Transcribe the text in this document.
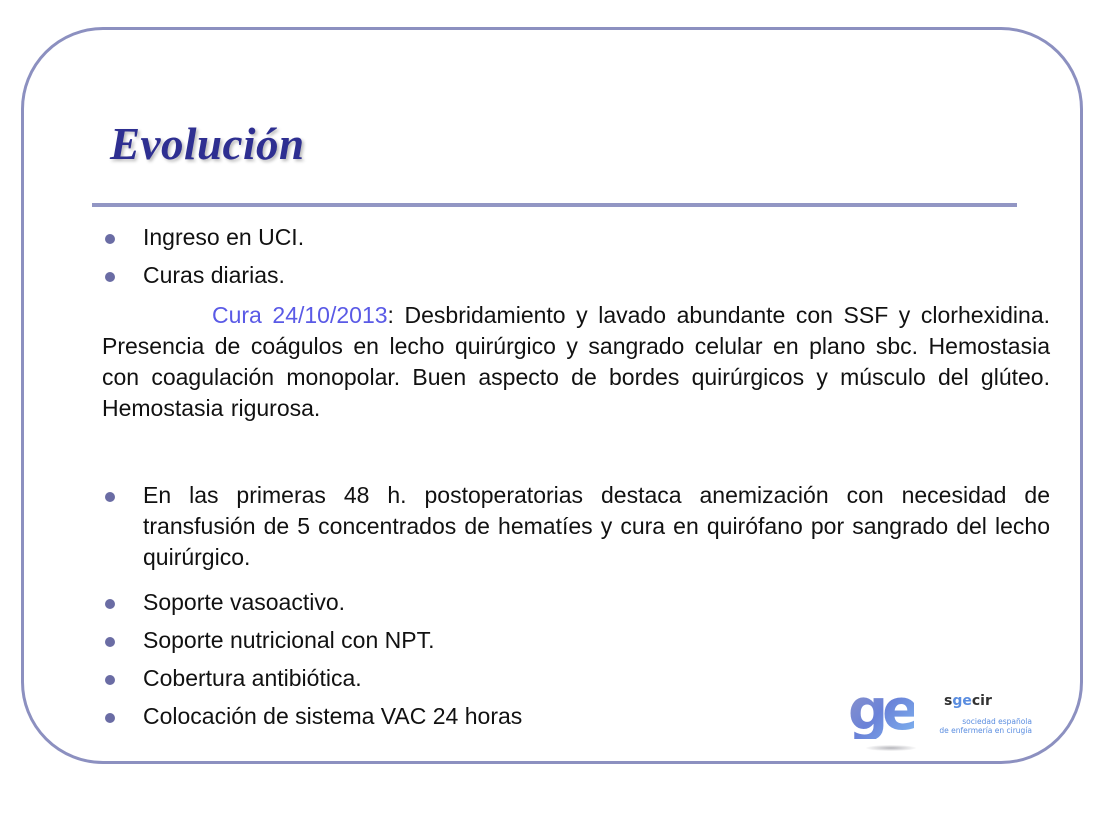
Evolución
Ingreso en UCI.
Curas diarias.
Cura 24/10/2013: Desbridamiento y lavado abundante con SSF y clorhexidina. Presencia de coágulos en lecho quirúrgico y sangrado celular en plano sbc. Hemostasia con coagulación monopolar. Buen aspecto de bordes quirúrgicos y músculo del glúteo. Hemostasia rigurosa.
En las primeras 48 h. postoperatorias destaca anemización con necesidad de transfusión de 5 concentrados de hematíes y cura en quirófano por sangrado del lecho quirúrgico.
Soporte vasoactivo.
Soporte nutricional con NPT.
Cobertura antibiótica.
Colocación de sistema VAC 24 horas	ge sgecir
sociedad española
de enfermería en cirugía
